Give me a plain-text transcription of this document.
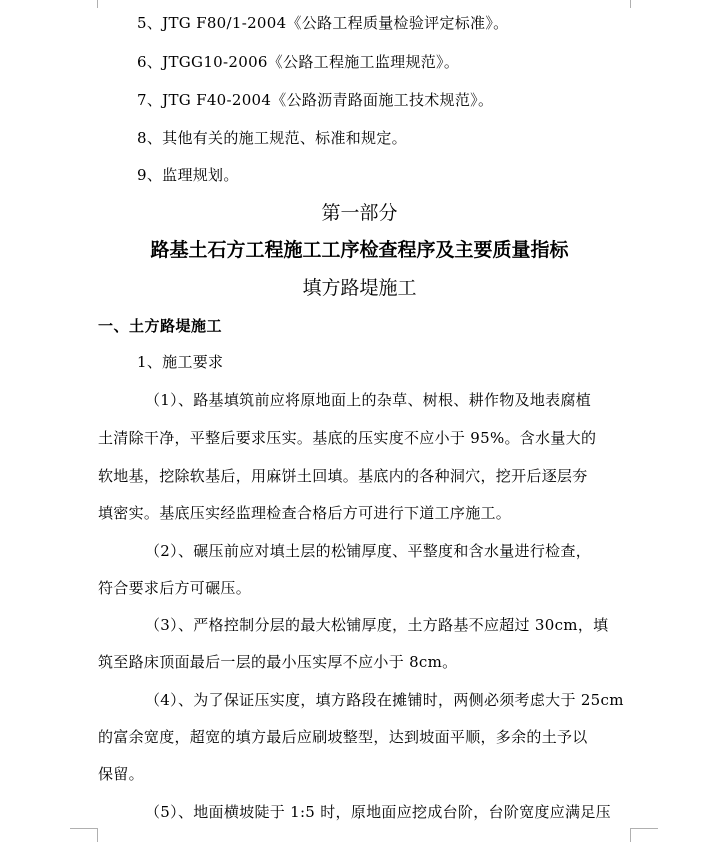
5、JTG F80/1-2004《公路工程质量检验评定标准》。
6、JTGG10-2006《公路工程施工监理规范》。
7、JTG F40-2004《公路沥青路面施工技术规范》。
8、其他有关的施工规范、标准和规定。
9、监理规划。
第一部分
路基土石方工程施工工序检查程序及主要质量指标
填方路堤施工
一、土方路堤施工
1、施工要求
（1）、路基填筑前应将原地面上的杂草、树根、耕作物及地表腐植
土清除干净，平整后要求压实。基底的压实度不应小于 95%。含水量大的
软地基，挖除软基后，用麻饼土回填。基底内的各种洞穴，挖开后逐层夯
填密实。基底压实经监理检查合格后方可进行下道工序施工。
（2）、碾压前应对填土层的松铺厚度、平整度和含水量进行检查，
符合要求后方可碾压。
（3）、严格控制分层的最大松铺厚度，土方路基不应超过 30cm，填
筑至路床顶面最后一层的最小压实厚不应小于 8cm。
（4）、为了保证压实度，填方路段在摊铺时，两侧必须考虑大于 25cm
的富余宽度，超宽的填方最后应刷坡整型，达到坡面平顺，多余的土予以
保留。
（5）、地面横坡陡于 1:5 时，原地面应挖成台阶，台阶宽度应满足压
